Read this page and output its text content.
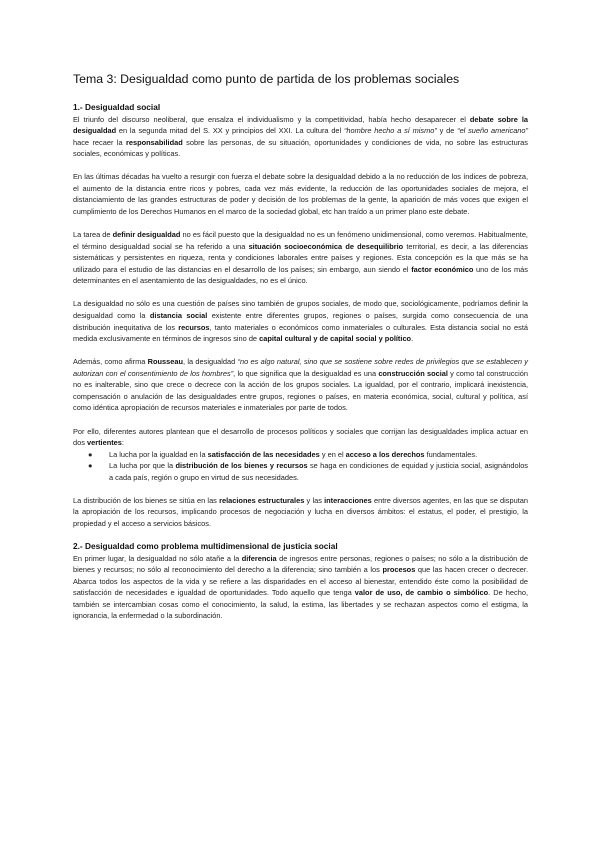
Tema 3: Desigualdad como punto de partida de los problemas sociales
1.- Desigualdad social

El triunfo del discurso neoliberal, que ensalza el individualismo y la competitividad, había hecho desaparecer el debate sobre la desigualdad en la segunda mitad del S. XX y principios del XXI. La cultura del “hombre hecho a sí mismo” y de “el sueño americano” hace recaer la responsabilidad sobre las personas, de su situación, oportunidades y condiciones de vida, no sobre las estructuras sociales, económicas y políticas.

En las últimas décadas ha vuelto a resurgir con fuerza el debate sobre la desigualdad debido a la no reducción de los índices de pobreza, el aumento de la distancia entre ricos y pobres, cada vez más evidente, la reducción de las oportunidades sociales de mejora, el distanciamiento de las grandes estructuras de poder y decisión de los problemas de la gente, la aparición de más voces que exigen el cumplimiento de los Derechos Humanos en el marco de la sociedad global, etc han traído a un primer plano este debate.

La tarea de definir desigualdad no es fácil puesto que la desigualdad no es un fenómeno unidimensional, como veremos. Habitualmente, el término desigualdad social se ha referido a una situación socioeconómica de desequilibrio territorial, es decir, a las diferencias sistemáticas y persistentes en riqueza, renta y condiciones laborales entre países y regiones. Esta concepción es la que más se ha utilizado para el estudio de las distancias en el desarrollo de los países; sin embargo, aun siendo el factor económico uno de los más determinantes en el asentamiento de las desigualdades, no es el único.

La desigualdad no sólo es una cuestión de países sino también de grupos sociales, de modo que, sociológicamente, podríamos definir la desigualdad como la distancia social existente entre diferentes grupos, regiones o países, surgida como consecuencia de una distribución inequitativa de los recursos, tanto materiales o económicos como inmateriales o culturales. Esta distancia social no está medida exclusivamente en términos de ingresos sino de capital cultural y de capital social y político.

Además, como afirma Rousseau, la desigualdad “no es algo natural, sino que se sostiene sobre redes de privilegios que se establecen y autorizan con el consentimiento de los hombres”, lo que significa que la desigualdad es una construcción social y como tal construcción no es inalterable, sino que crece o decrece con la acción de los grupos sociales. La igualdad, por el contrario, implicará inexistencia, compensación o anulación de las desigualdades entre grupos, regiones o países, en materia económica, social, cultural y política, así como idéntica apropiación de recursos materiales e inmateriales por parte de todos.

Por ello, diferentes autores plantean que el desarrollo de procesos políticos y sociales que corrijan las desigualdades implica actuar en dos vertientes:

● La lucha por la igualdad en la satisfacción de las necesidades y en el acceso a los derechos fundamentales.
● La lucha por que la distribución de los bienes y recursos se haga en condiciones de equidad y justicia social, asignándolos a cada país, región o grupo en virtud de sus necesidades.

La distribución de los bienes se sitúa en las relaciones estructurales y las interacciones entre diversos agentes, en las que se disputan la apropiación de los recursos, implicando procesos de negociación y lucha en diversos ámbitos: el estatus, el poder, el prestigio, la propiedad y el acceso a servicios básicos.

2.- Desigualdad como problema multidimensional de justicia social

En primer lugar, la desigualdad no sólo atañe a la diferencia de ingresos entre personas, regiones o países; no sólo a la distribución de bienes y recursos; no sólo al reconocimiento del derecho a la diferencia; sino también a los procesos que las hacen crecer o decrecer. Abarca todos los aspectos de la vida y se refiere a las disparidades en el acceso al bienestar, entendido éste como la posibilidad de satisfacción de necesidades e igualdad de oportunidades. Todo aquello que tenga valor de uso, de cambio o simbólico. De hecho, también se intercambian cosas como el conocimiento, la salud, la estima, las libertades y se rechazan aspectos como el estigma, la ignorancia, la enfermedad o la subordinación.
